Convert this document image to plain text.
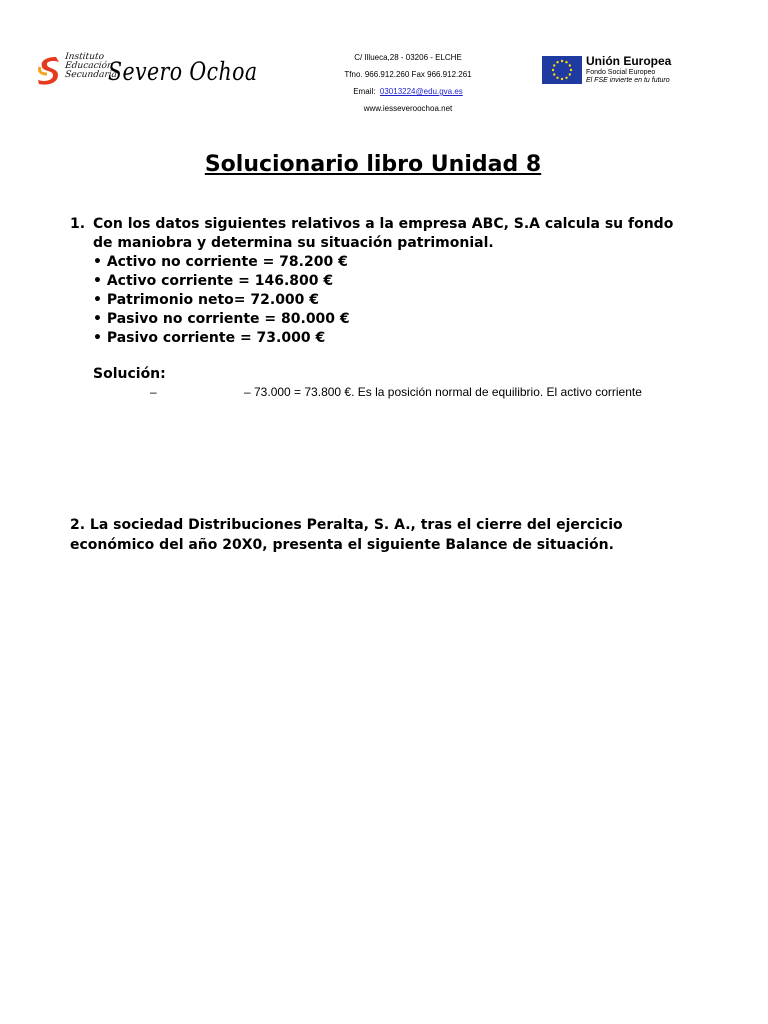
Instituto
Educación
Secundaria
Severo Ochoa	C/ Illueca,28 - 03206 - ELCHE
Tfno. 966.912.260 Fax 966.912.261
Email: 03013224@edu.gva.es
www.iesseveroochoa.net
Unión Europea
Fondo Social Europeo
El FSE invierte en tu futuro
Solucionario libro Unidad 8
1. Con los datos siguientes relativos a la empresa ABC, S.A calcula su fondo

de maniobra y determina su situación patrimonial.

• Activo no corriente = 78.200 €

• Activo corriente = 146.800 €

• Patrimonio neto= 72.000 €

• Pasivo no corriente = 80.000 €

• Pasivo corriente = 73.000 €

Solución:
–	– 73.000 = 73.800 €. Es la posición normal de equilibrio. El activo corriente

2. La sociedad Distribuciones Peralta, S. A., tras el cierre del ejercicio

económico del año 20X0, presenta el siguiente Balance de situación.
